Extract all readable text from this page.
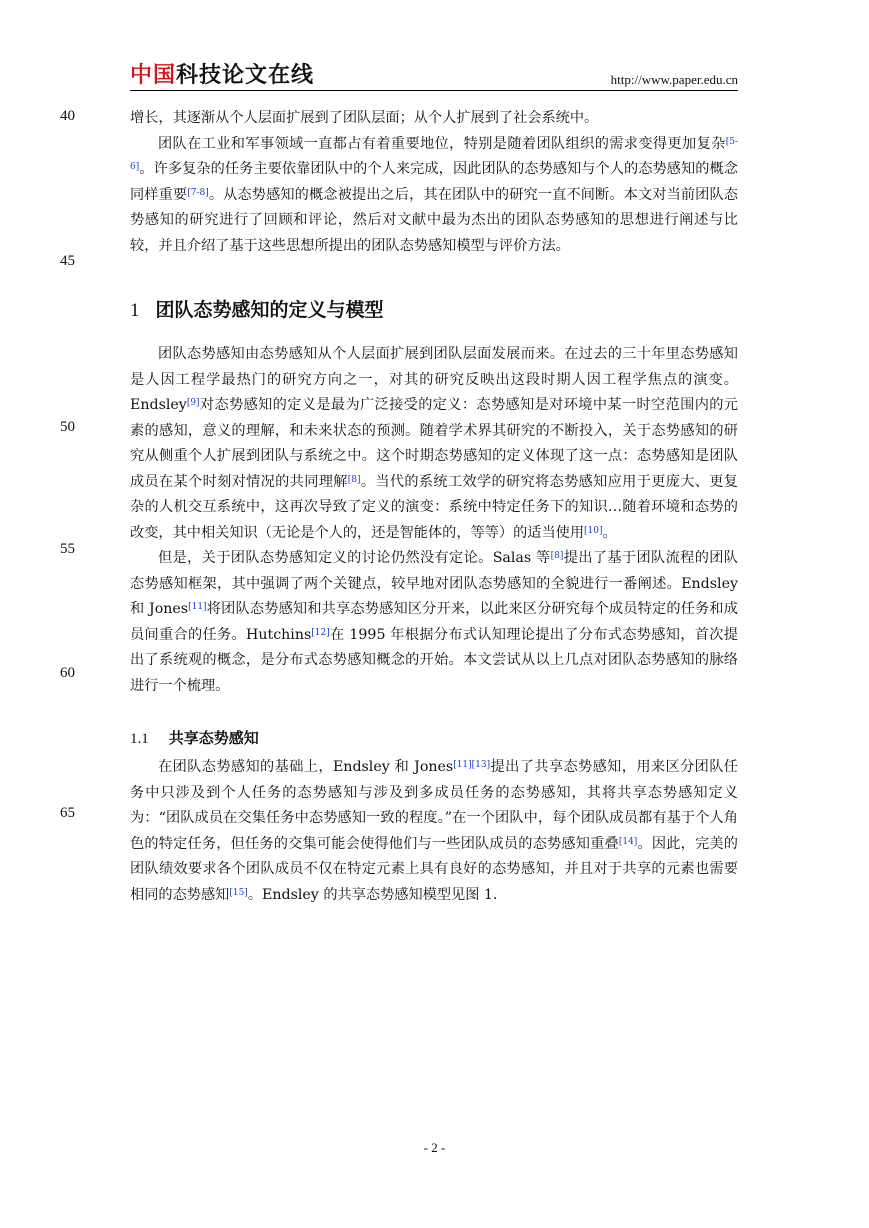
中国科技论文在线	http://www.paper.edu.cn
40
45
50
55
60
65

增长，其逐渐从个人层面扩展到了团队层面；从个人扩展到了社会系统中。

团队在工业和军事领域一直都占有着重要地位，特别是随着团队组织的需求变得更加复杂[5-6]。许多复杂的任务主要依靠团队中的个人来完成，因此团队的态势感知与个人的态势感知的概念同样重要[7-8]。从态势感知的概念被提出之后，其在团队中的研究一直不间断。本文对当前团队态势感知的研究进行了回顾和评论，然后对文献中最为杰出的团队态势感知的思想进行阐述与比较，并且介绍了基于这些思想所提出的团队态势感知模型与评价方法。

1 团队态势感知的定义与模型

团队态势感知由态势感知从个人层面扩展到团队层面发展而来。在过去的三十年里态势感知是人因工程学最热门的研究方向之一，对其的研究反映出这段时期人因工程学焦点的演变。Endsley[9]对态势感知的定义是最为广泛接受的定义：态势感知是对环境中某一时空范围内的元素的感知，意义的理解，和未来状态的预测。随着学术界其研究的不断投入，关于态势感知的研究从侧重个人扩展到团队与系统之中。这个时期态势感知的定义体现了这一点：态势感知是团队成员在某个时刻对情况的共同理解[8]。当代的系统工效学的研究将态势感知应用于更庞大、更复杂的人机交互系统中，这再次导致了定义的演变：系统中特定任务下的知识…随着环境和态势的改变，其中相关知识（无论是个人的，还是智能体的，等等）的适当使用[10]。

但是，关于团队态势感知定义的讨论仍然没有定论。Salas 等[8]提出了基于团队流程的团队态势感知框架，其中强调了两个关键点，较早地对团队态势感知的全貌进行一番阐述。Endsley 和 Jones[11]将团队态势感知和共享态势感知区分开来，以此来区分研究每个成员特定的任务和成员间重合的任务。Hutchins[12]在 1995 年根据分布式认知理论提出了分布式态势感知，首次提出了系统观的概念，是分布式态势感知概念的开始。本文尝试从以上几点对团队态势感知的脉络进行一个梳理。

1.1 共享态势感知

在团队态势感知的基础上，Endsley 和 Jones[11][13]提出了共享态势感知，用来区分团队任务中只涉及到个人任务的态势感知与涉及到多成员任务的态势感知，其将共享态势感知定义为：“团队成员在交集任务中态势感知一致的程度。”在一个团队中，每个团队成员都有基于个人角色的特定任务，但任务的交集可能会使得他们与一些团队成员的态势感知重叠[14]。因此，完美的团队绩效要求各个团队成员不仅在特定元素上具有良好的态势感知，并且对于共享的元素也需要相同的态势感知[15]。Endsley 的共享态势感知模型见图 1.

- 2 -
